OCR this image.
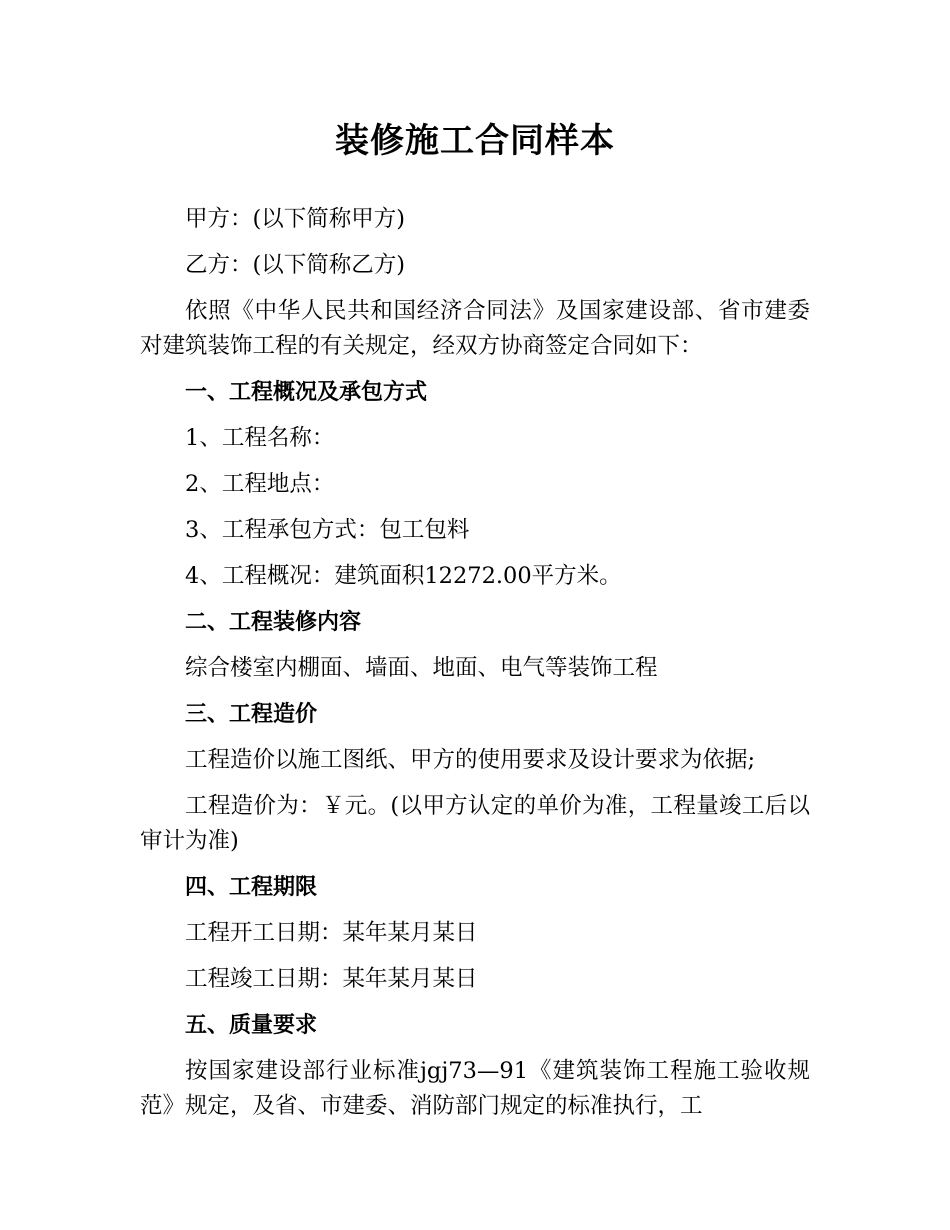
装修施工合同样本

甲方：(以下简称甲方)

乙方：(以下简称乙方)

依照《中华人民共和国经济合同法》及国家建设部、省市建委对建筑装饰工程的有关规定，经双方协商签定合同如下：

一、工程概况及承包方式

1、工程名称：

2、工程地点：

3、工程承包方式：包工包料

4、工程概况：建筑面积12272.00平方米。

二、工程装修内容

综合楼室内棚面、墙面、地面、电气等装饰工程

三、工程造价

工程造价以施工图纸、甲方的使用要求及设计要求为依据;

工程造价为：￥元。(以甲方认定的单价为准，工程量竣工后以审计为准)

四、工程期限

工程开工日期：某年某月某日

工程竣工日期：某年某月某日

五、质量要求

按国家建设部行业标准jgj73—91《建筑装饰工程施工验收规范》规定，及省、市建委、消防部门规定的标准执行，工
